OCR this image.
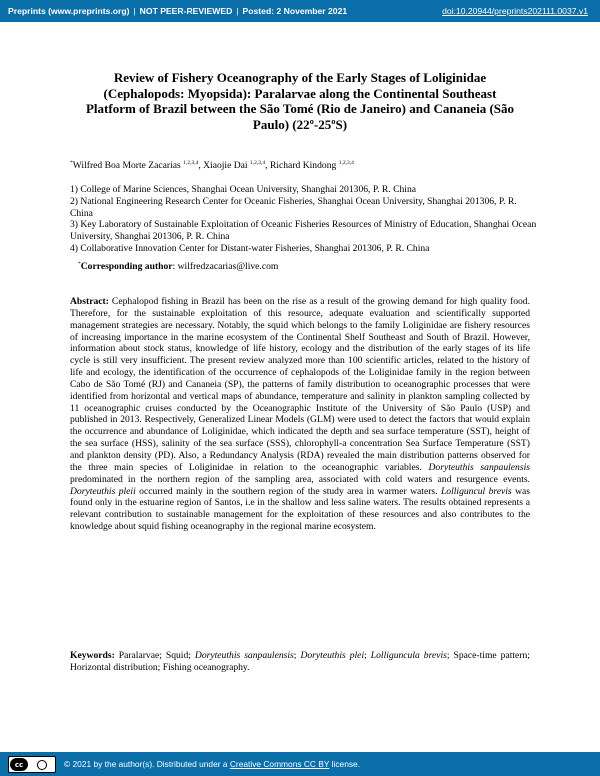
Preprints (www.preprints.org) | NOT PEER-REVIEWED | Posted: 2 November 2021	doi:10.20944/preprints202111.0037.v1
Review of Fishery Oceanography of the Early Stages of Loliginidae (Cephalopods: Myopsida): Paralarvae along the Continental Southeast Platform of Brazil between the São Tomé (Rio de Janeiro) and Cananeia (São Paulo) (22º-25ºS)
*Wilfred Boa Morte Zacarias $^{1,2,3,4}$, Xiaojie Dai $^{1,2,3,4}$, Richard Kindong $^{1,2,3,4}$

1) College of Marine Sciences, Shanghai Ocean University, Shanghai 201306, P. R. China

2) National Engineering Research Center for Oceanic Fisheries, Shanghai Ocean University, Shanghai 201306, P. R. China

3) Key Laboratory of Sustainable Exploitation of Oceanic Fisheries Resources of Ministry of Education, Shanghai Ocean University, Shanghai 201306, P. R. China

4) Collaborative Innovation Center for Distant-water Fisheries, Shanghai 201306, P. R. China

*Corresponding author: wilfredzacarias@live.com
Abstract: Cephalopod fishing in Brazil has been on the rise as a result of the growing demand for high quality food. Therefore, for the sustainable exploitation of this resource, adequate evaluation and scientifically supported management strategies are necessary. Notably, the squid which belongs to the family Loliginidae are fishery resources of increasing importance in the marine ecosystem of the Continental Shelf Southeast and South of Brazil. However, information about stock status, knowledge of life history, ecology and the distribution of the early stages of its life cycle is still very insufficient. The present review analyzed more than 100 scientific articles, related to the history of life and ecology, the identification of the occurrence of cephalopods of the Loliginidae family in the region between Cabo de São Tomé (RJ) and Cananeia (SP), the patterns of family distribution to oceanographic processes that were identified from horizontal and vertical maps of abundance, temperature and salinity in plankton sampling collected by 11 oceanographic cruises conducted by the Oceanographic Institute of the University of São Paulo (USP) and published in 2013. Respectively, Generalized Linear Models (GLM) were used to detect the factors that would explain the occurrence and abundance of Loliginidae, which indicated the depth and sea surface temperature (SST), height of the sea surface (HSS), salinity of the sea surface (SSS), chlorophyll-a concentration Sea Surface Temperature (SST) and plankton density (PD). Also, a Redundancy Analysis (RDA) revealed the main distribution patterns observed for the three main species of Loliginidae in relation to the oceanographic variables. Doryteuthis sanpaulensis predominated in the northern region of the sampling area, associated with cold waters and resurgence events. Doryteuthis pleii occurred mainly in the southern region of the study area in warmer waters. Lolliguncul brevis was found only in the estuarine region of Santos, i.e in the shallow and less saline waters. The results obtained represents a relevant contribution to sustainable management for the exploitation of these resources and also contributes to the knowledge about squid fishing oceanography in the regional marine ecosystem.
Keywords: Paralarvae; Squid; Doryteuthis sanpaulensis; Doryteuthis plei; Lolliguncula brevis; Space-time pattern; Horizontal distribution; Fishing oceanography.
cc	© 2021 by the author(s). Distributed under a Creative Commons CC BY license.
